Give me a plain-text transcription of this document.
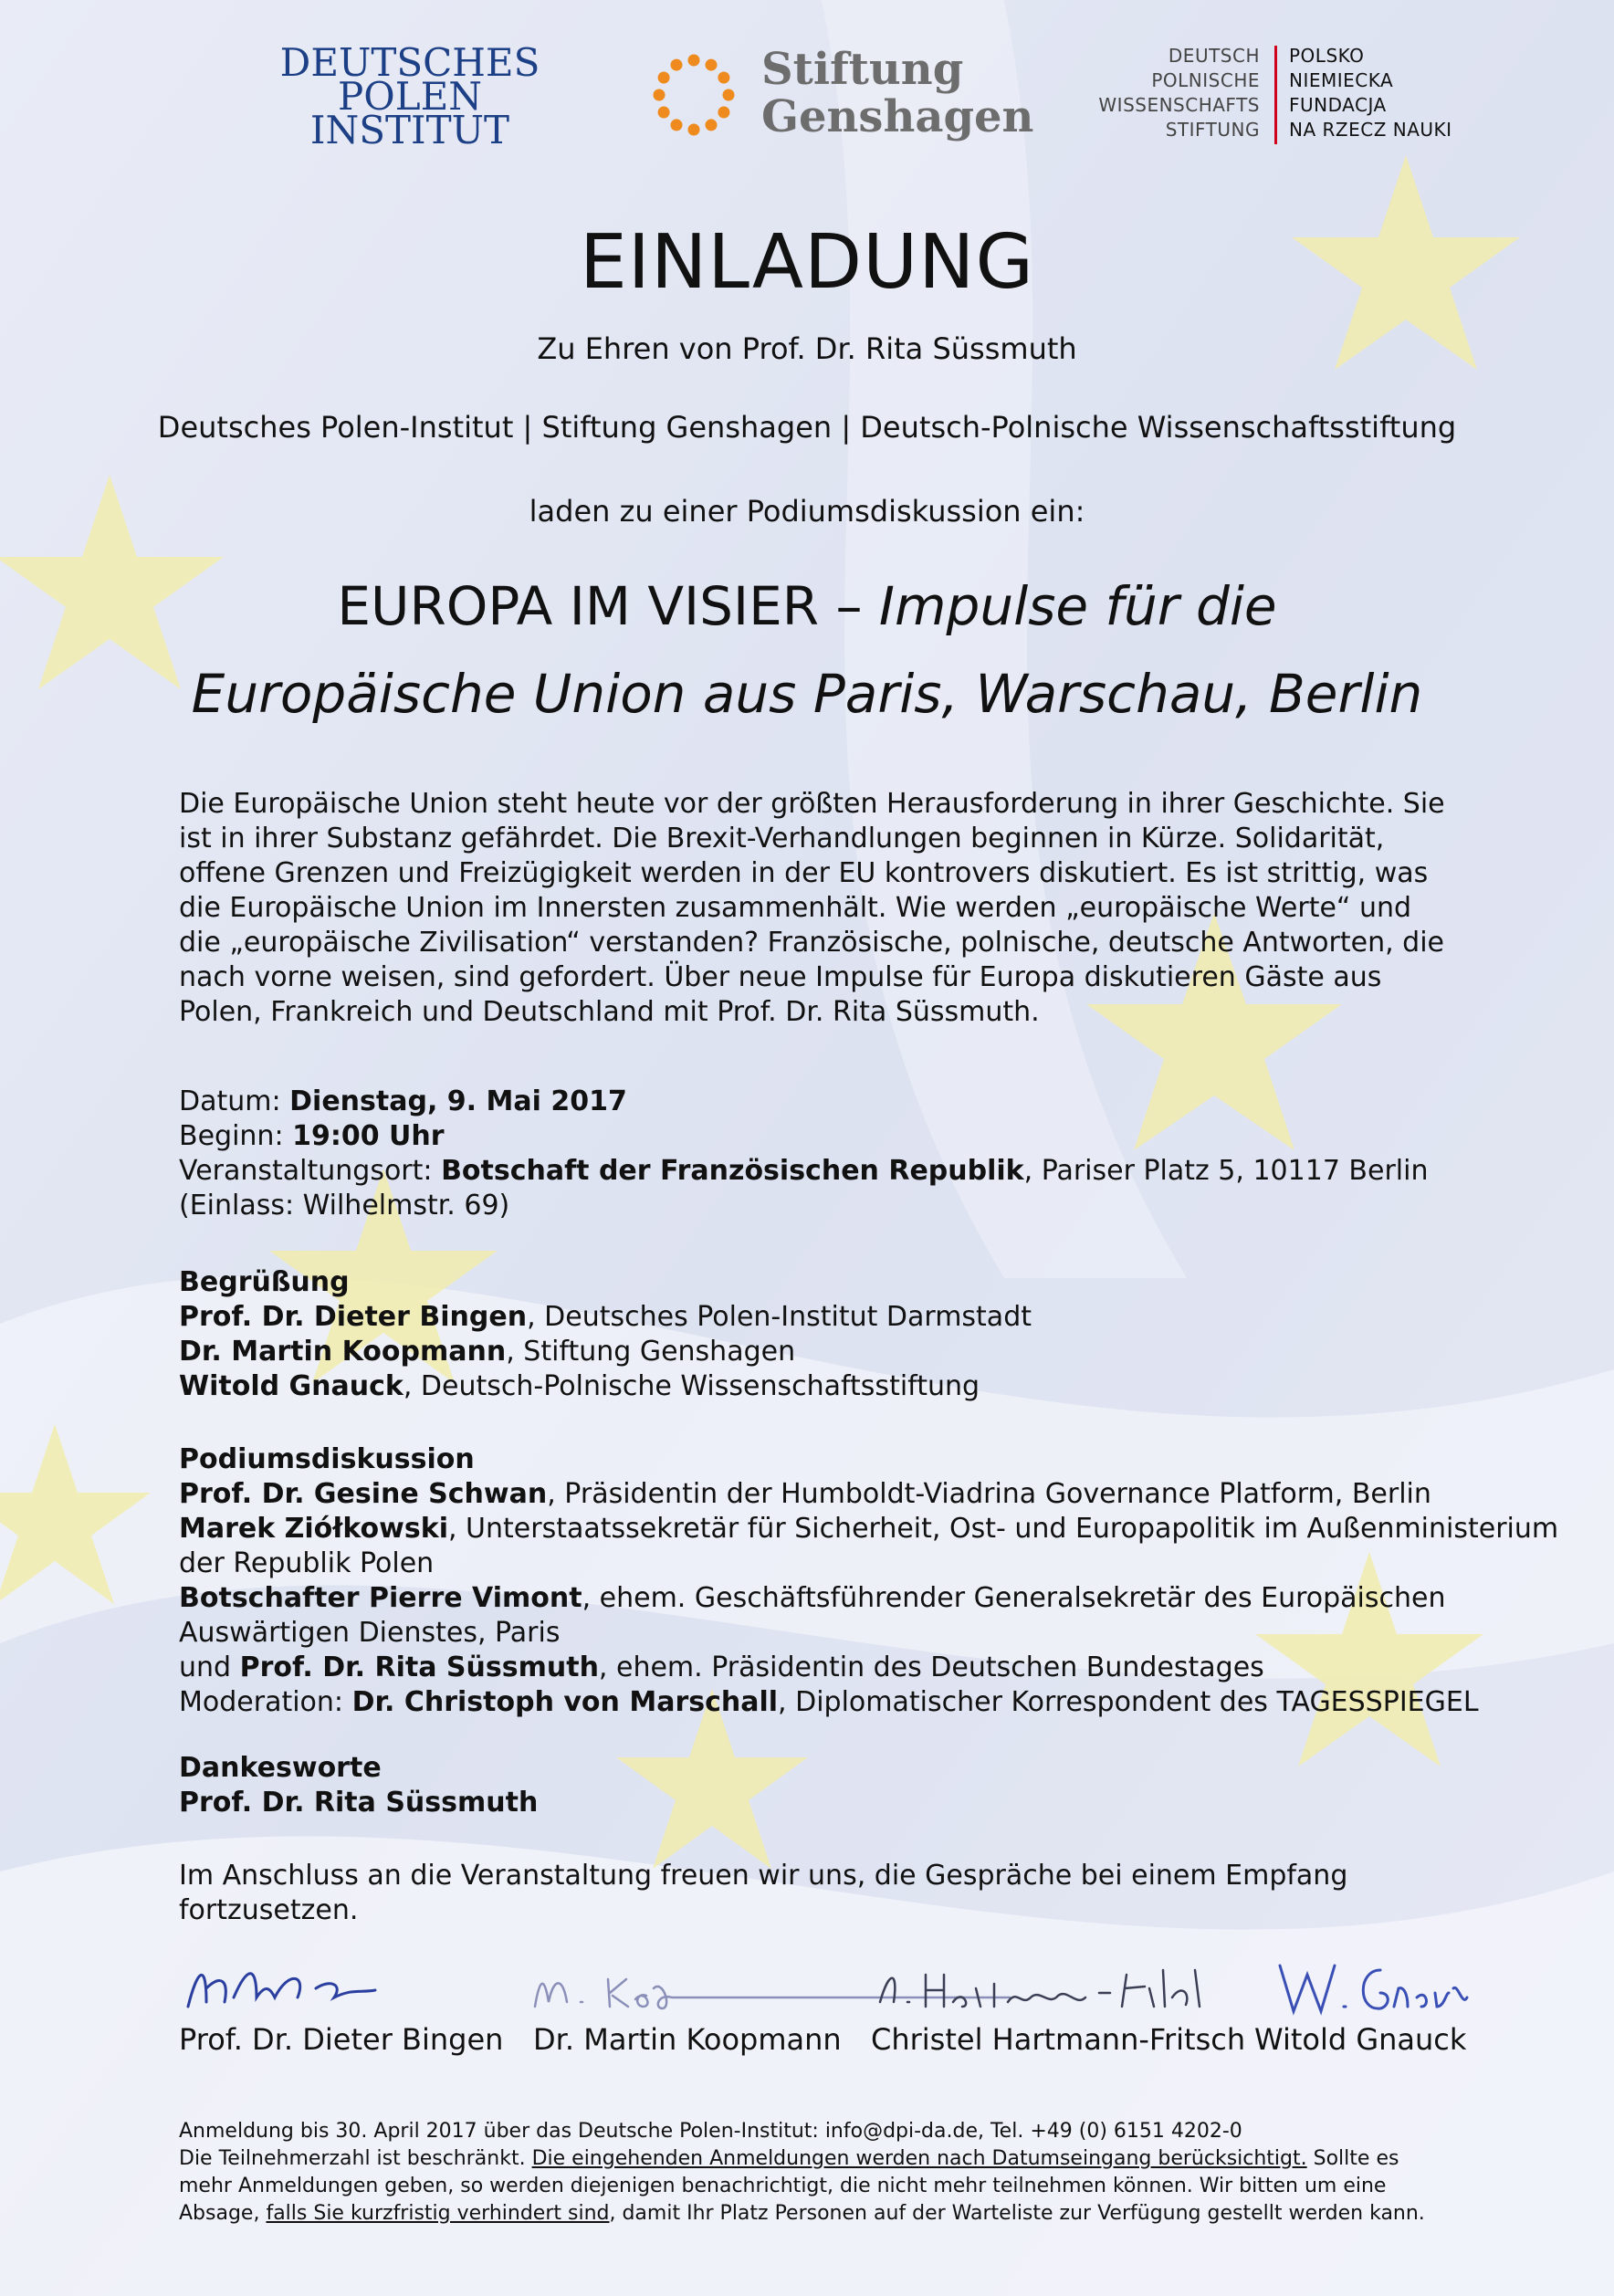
DEUTSCHES
POLEN
INSTITUT
Stiftung
Genshagen
DEUTSCH
POLNISCHE
WISSENSCHAFTS
STIFTUNG
POLSKO
NIEMIECKA
FUNDACJA
NA RZECZ NAUKI
EINLADUNG
Zu Ehren von Prof. Dr. Rita Süssmuth
Deutsches Polen-Institut | Stiftung Genshagen | Deutsch-Polnische Wissenschaftsstiftung
laden zu einer Podiumsdiskussion ein:
EUROPA IM VISIER – Impulse für die
Europäische Union aus Paris, Warschau, Berlin
Die Europäische Union steht heute vor der größten Herausforderung in ihrer Geschichte. Sie
ist in ihrer Substanz gefährdet. Die Brexit-Verhandlungen beginnen in Kürze. Solidarität,
offene Grenzen und Freizügigkeit werden in der EU kontrovers diskutiert. Es ist strittig, was
die Europäische Union im Innersten zusammenhält. Wie werden „europäische Werte“ und
die „europäische Zivilisation“ verstanden? Französische, polnische, deutsche Antworten, die
nach vorne weisen, sind gefordert. Über neue Impulse für Europa diskutieren Gäste aus
Polen, Frankreich und Deutschland mit Prof. Dr. Rita Süssmuth.
Datum: Dienstag, 9. Mai 2017
Beginn: 19:00 Uhr
Veranstaltungsort: Botschaft der Französischen Republik, Pariser Platz 5, 10117 Berlin
(Einlass: Wilhelmstr. 69)
Begrüßung
Prof. Dr. Dieter Bingen, Deutsches Polen-Institut Darmstadt
Dr. Martin Koopmann, Stiftung Genshagen
Witold Gnauck, Deutsch-Polnische Wissenschaftsstiftung
Podiumsdiskussion
Prof. Dr. Gesine Schwan, Präsidentin der Humboldt-Viadrina Governance Platform, Berlin
Marek Ziółkowski, Unterstaatssekretär für Sicherheit, Ost- und Europapolitik im Außenministerium
der Republik Polen
Botschafter Pierre Vimont, ehem. Geschäftsführender Generalsekretär des Europäischen
Auswärtigen Dienstes, Paris
und Prof. Dr. Rita Süssmuth, ehem. Präsidentin des Deutschen Bundestages
Moderation: Dr. Christoph von Marschall, Diplomatischer Korrespondent des TAGESSPIEGEL
Dankesworte
Prof. Dr. Rita Süssmuth
Im Anschluss an die Veranstaltung freuen wir uns, die Gespräche bei einem Empfang fortzusetzen.
Prof. Dr. Dieter Bingen Dr. Martin Koopmann Christel Hartmann-Fritsch Witold Gnauck
Anmeldung bis 30. April 2017 über das Deutsche Polen-Institut: info@dpi-da.de, Tel. +49 (0) 6151 4202-0
Die Teilnehmerzahl ist beschränkt. Die eingehenden Anmeldungen werden nach Datumseingang berücksichtigt. Sollte es
mehr Anmeldungen geben, so werden diejenigen benachrichtigt, die nicht mehr teilnehmen können. Wir bitten um eine
Absage, falls Sie kurzfristig verhindert sind, damit Ihr Platz Personen auf der Warteliste zur Verfügung gestellt werden kann.
